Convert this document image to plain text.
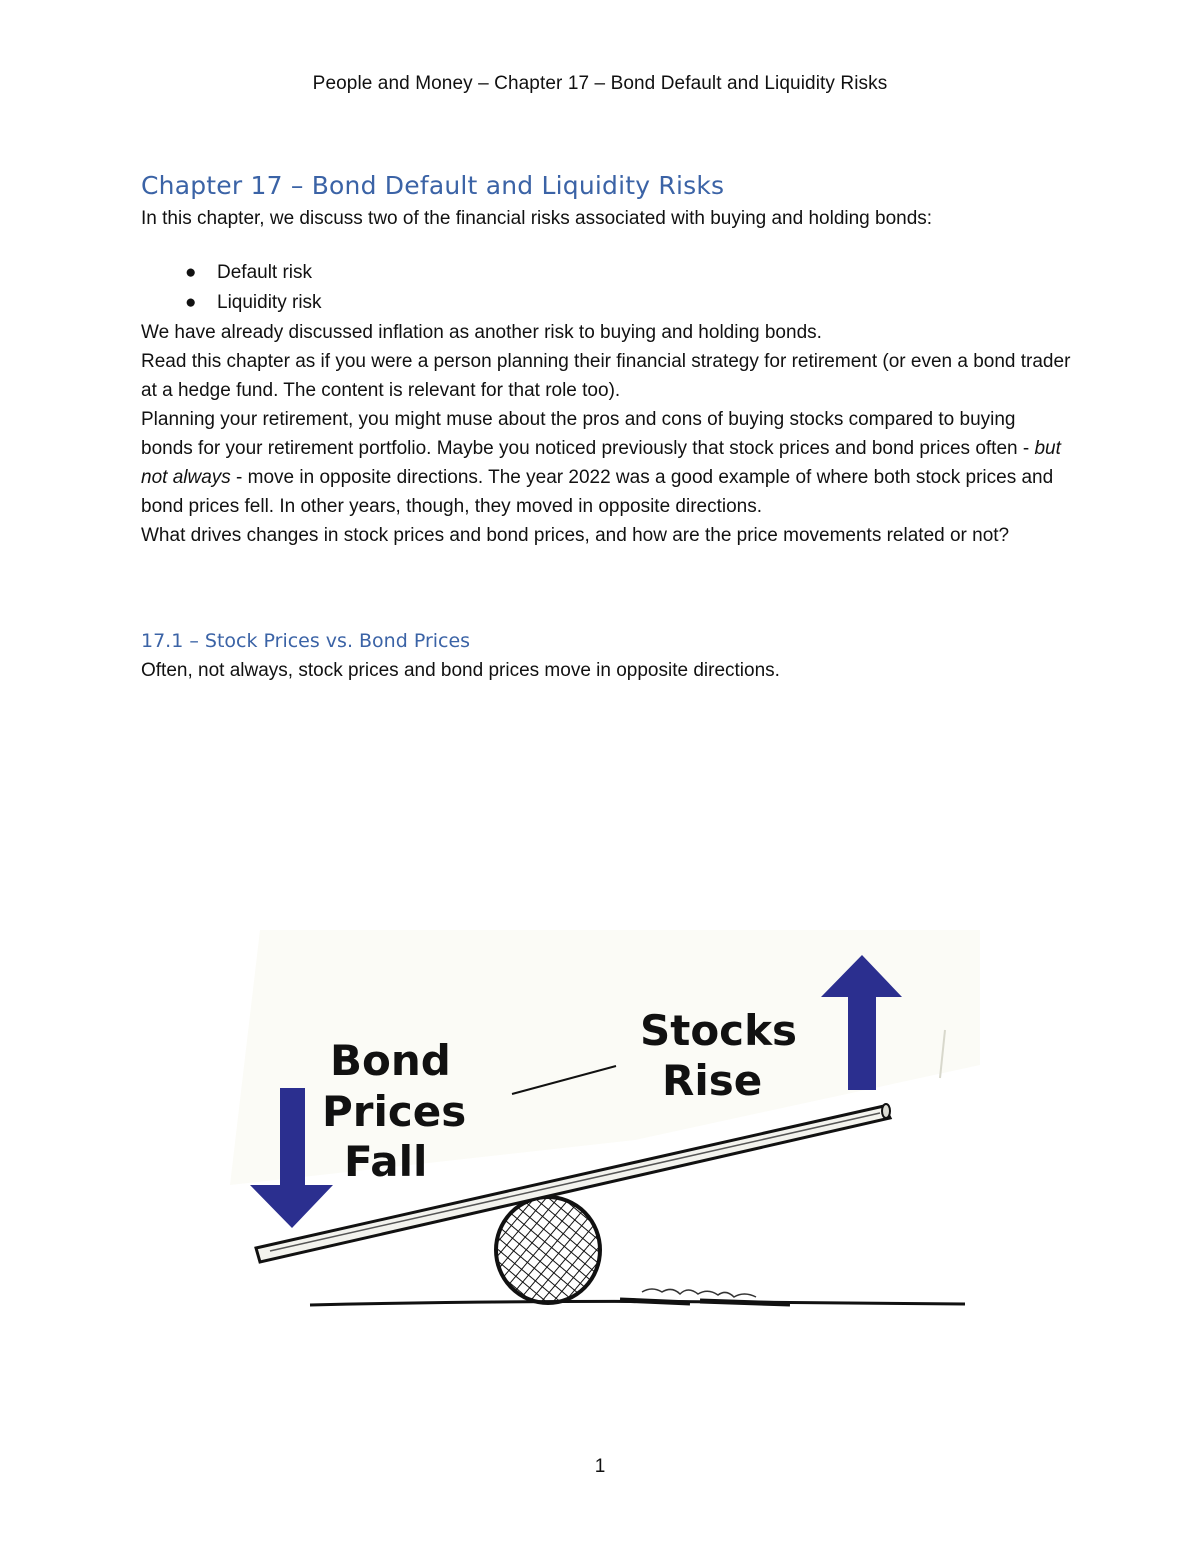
People and Money – Chapter 17 – Bond Default and Liquidity Risks
Chapter 17 – Bond Default and Liquidity Risks

In this chapter, we discuss two of the financial risks associated with buying and holding bonds:

● Default risk
● Liquidity risk

We have already discussed inflation as another risk to buying and holding bonds.

Read this chapter as if you were a person planning their financial strategy for retirement (or even a bond trader at a hedge fund. The content is relevant for that role too).

Planning your retirement, you might muse about the pros and cons of buying stocks compared to buying bonds for your retirement portfolio. Maybe you noticed previously that stock prices and bond prices often - but not always - move in opposite directions. The year 2022 was a good example of where both stock prices and bond prices fell. In other years, though, they moved in opposite directions.

What drives changes in stock prices and bond prices, and how are the price movements related or not?

17.1 – Stock Prices vs. Bond Prices

Often, not always, stock prices and bond prices move in opposite directions.

Bond
Prices
Fall
Stocks
Rise
1
